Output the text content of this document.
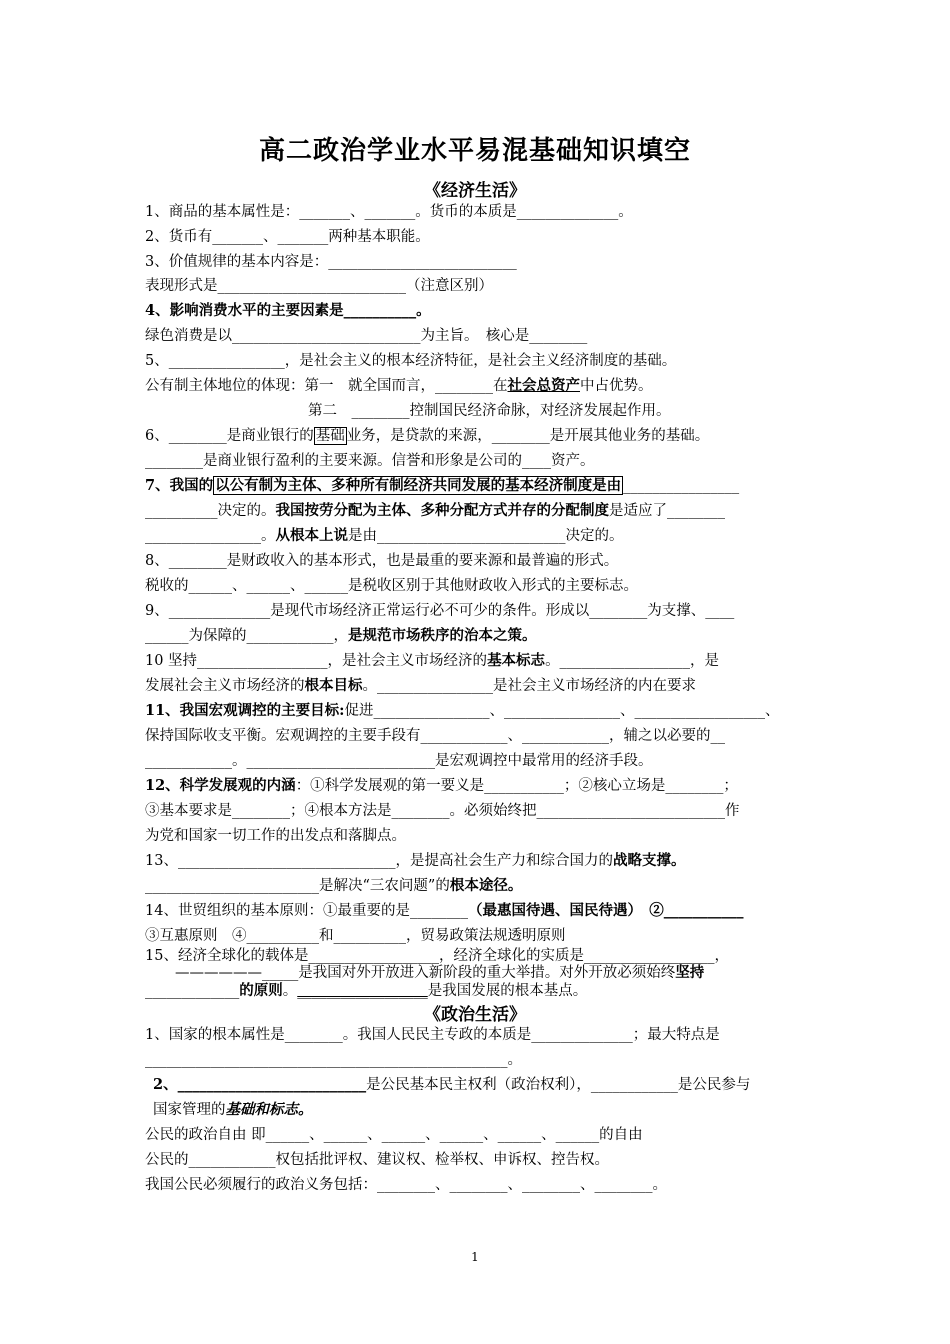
高二政治学业水平易混基础知识填空
《经济生活》
1、商品的基本属性是：_______、_______。货币的本质是______________。
2、货币有_______、_______两种基本职能。
3、价值规律的基本内容是：__________________________
表现形式是__________________________（注意区别）
4、影响消费水平的主要因素是__________。
绿色消费是以__________________________为主旨。　核心是________
5、________________，是社会主义的根本经济特征，是社会主义经济制度的基础。
公有制主体地位的体现：第一　就全国而言，________在社会总资产中占优势。
第二　________控制国民经济命脉，对经济发展起作用。
6、________是商业银行的 基础 业务，是贷款的来源，________是开展其他业务的基础。
________是商业银行盈利的主要来源。信誉和形象是公司的____资产。
7、我国的 以公有制为主体、多种所有制经济共同发展的基本经济制度是由 ________________
__________决定的。我国按劳分配为主体、多种分配方式并存的分配制度是适应了________
________________。从根本上说是由__________________________决定的。
8、________是财政收入的基本形式，也是最重的要来源和最普遍的形式。
税收的______、______、______是税收区别于其他财政收入形式的主要标志。
9、______________是现代市场经济正常运行必不可少的条件。形成以________为支撑、____
______为保障的____________，是规范市场秩序的治本之策。
10 坚持__________________，是社会主义市场经济的基本标志。__________________，是
发展社会主义市场经济的根本目标。________________是社会主义市场经济的内在要求
11、我国宏观调控的主要目标:促进________________、________________、__________________、
保持国际收支平衡。宏观调控的主要手段有____________、____________，辅之以必要的__
____________。__________________________是宏观调控中最常用的经济手段。
12、科学发展观的内涵：①科学发展观的第一要义是___________；②核心立场是________；
③基本要求是________；④根本方法是________。必须始终把__________________________作
为党和国家一切工作的出发点和落脚点。
13、______________________________，是提高社会生产力和综合国力的战略支撑。
________________________是解决“三农问题”的根本途径。
14、世贸组织的基本原则：①最重要的是________（最惠国待遇、国民待遇）　②___________
③互惠原则　④__________和__________，贸易政策法规透明原则
15、经济全球化的载体是__________________，经济全球化的实质是__________________，
——————_____是我国对外开放进入新阶段的重大举措。对外开放必须始终坚持
_____________的原则。__________________是我国发展的根本基点。
《政治生活》
1、国家的根本属性是________。我国人民民主专政的本质是______________；最大特点是
__________________________________________________。
2、__________________________是公民基本民主权利（政治权利），____________是公民参与
国家管理的基础和标志。
公民的政治自由 即______、______、______、______、______、______的自由
公民的____________权包括批评权、建议权、检举权、申诉权、控告权。
我国公民必须履行的政治义务包括：________、________、________、________。
1
